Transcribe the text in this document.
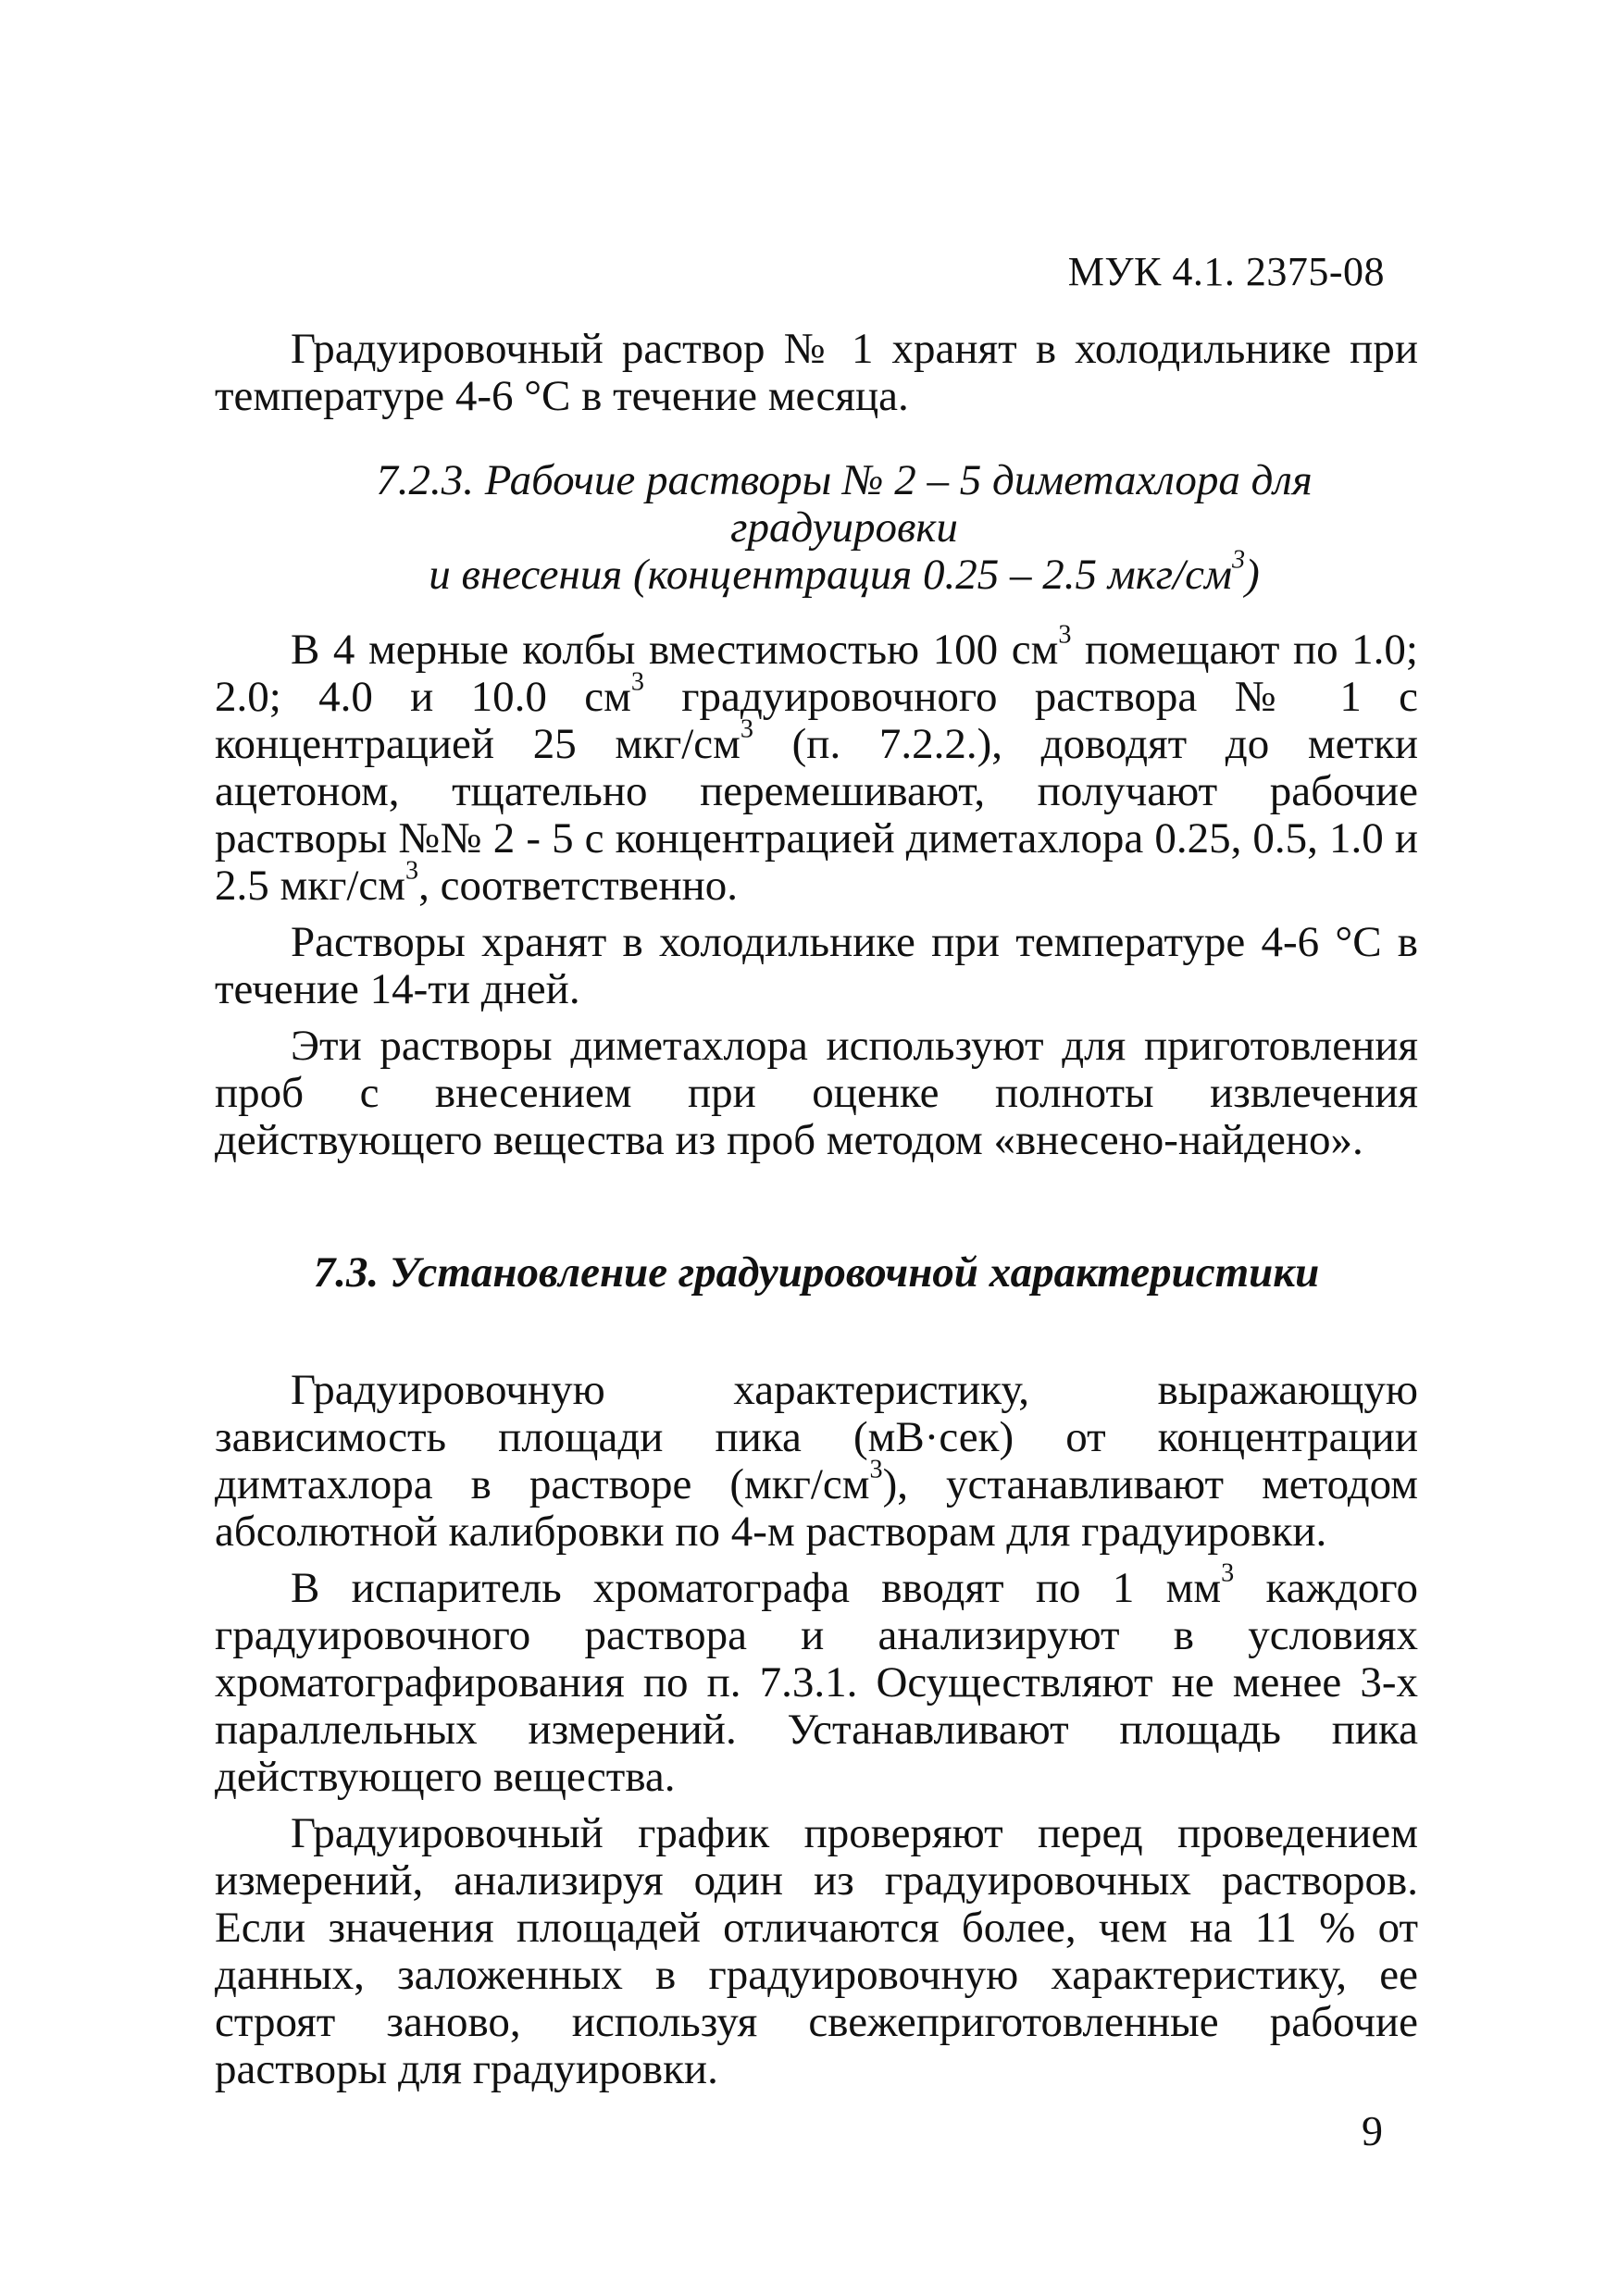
МУК 4.1. 2375-08

Градуировочный раствор № 1 хранят в холодильнике при температуре 4-6 °С в течение месяца.

7.2.3. Рабочие растворы № 2 – 5 диметахлора для градуировки
и внесения (концентрация 0.25 – 2.5 мкг/$см^3$)

В 4 мерные колбы вместимостью 100 $см^3$ помещают по 1.0; 2.0; 4.0 и 10.0 $см^3$ градуировочного раствора № 1 с концентрацией 25 мкг/$см^3$ (п. 7.2.2.), доводят до метки ацетоном, тщательно перемешивают, получают рабочие растворы №№ 2 - 5 с концентрацией диметахлора 0.25, 0.5, 1.0 и 2.5 мкг/$см^3$, соответственно.

Растворы хранят в холодильнике при температуре 4-6 °С в течение 14-ти дней.

Эти растворы диметахлора используют для приготовления проб с внесением при оценке полноты извлечения действующего вещества из проб методом «внесено-найдено».

7.3. Установление градуировочной характеристики

Градуировочную характеристику, выражающую зависимость площади пика (мВ·сек) от концентрации димтахлора в растворе $(мкг/см^3)$, устанавливают методом абсолютной калибровки по 4-м растворам для градуировки.

В испаритель хроматографа вводят по 1 $мм^3$ каждого градуировочного раствора и анализируют в условиях хроматографирования по п. 7.3.1. Осуществляют не менее 3-х параллельных измерений. Устанавливают площадь пика действующего вещества.

Градуировочный график проверяют перед проведением измерений, анализируя один из градуировочных растворов. Если значения площадей отличаются более, чем на 11 % от данных, заложенных в градуировочную характеристику, ее строят заново, используя свежеприготовленные рабочие растворы для градуировки.

9
